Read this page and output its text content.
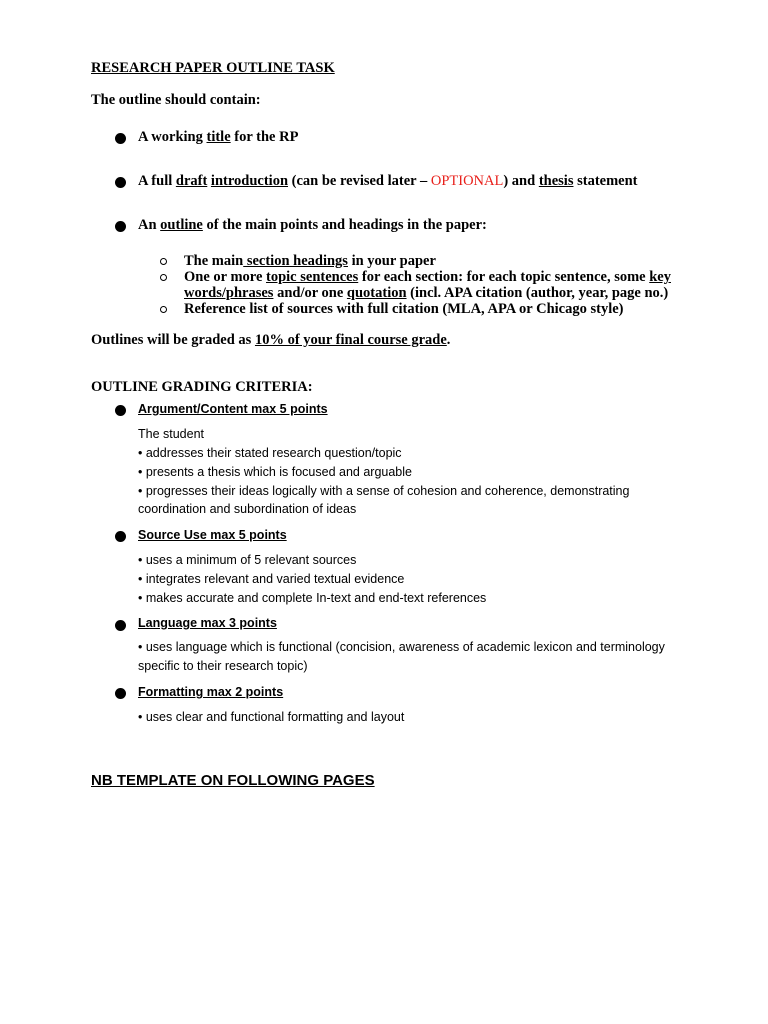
RESEARCH PAPER OUTLINE TASK
The outline should contain:
A working title for the RP
A full draft introduction (can be revised later – OPTIONAL) and thesis statement
An outline of the main points and headings in the paper:
The main section headings in your paper
One or more topic sentences for each section: for each topic sentence, some key
words/phrases and/or one quotation (incl. APA citation (author, year, page no.)
Reference list of sources with full citation (MLA, APA or Chicago style)
Outlines will be graded as 10% of your final course grade.
OUTLINE GRADING CRITERIA:
Argument/Content max 5 points
The student
• addresses their stated research question/topic
• presents a thesis which is focused and arguable
• progresses their ideas logically with a sense of cohesion and coherence, demonstrating
coordination and subordination of ideas
Source Use max 5 points
• uses a minimum of 5 relevant sources
• integrates relevant and varied textual evidence
• makes accurate and complete In-text and end-text references
Language max 3 points
• uses language which is functional (concision, awareness of academic lexicon and terminology
specific to their research topic)
Formatting max 2 points
• uses clear and functional formatting and layout
NB TEMPLATE ON FOLLOWING PAGES
